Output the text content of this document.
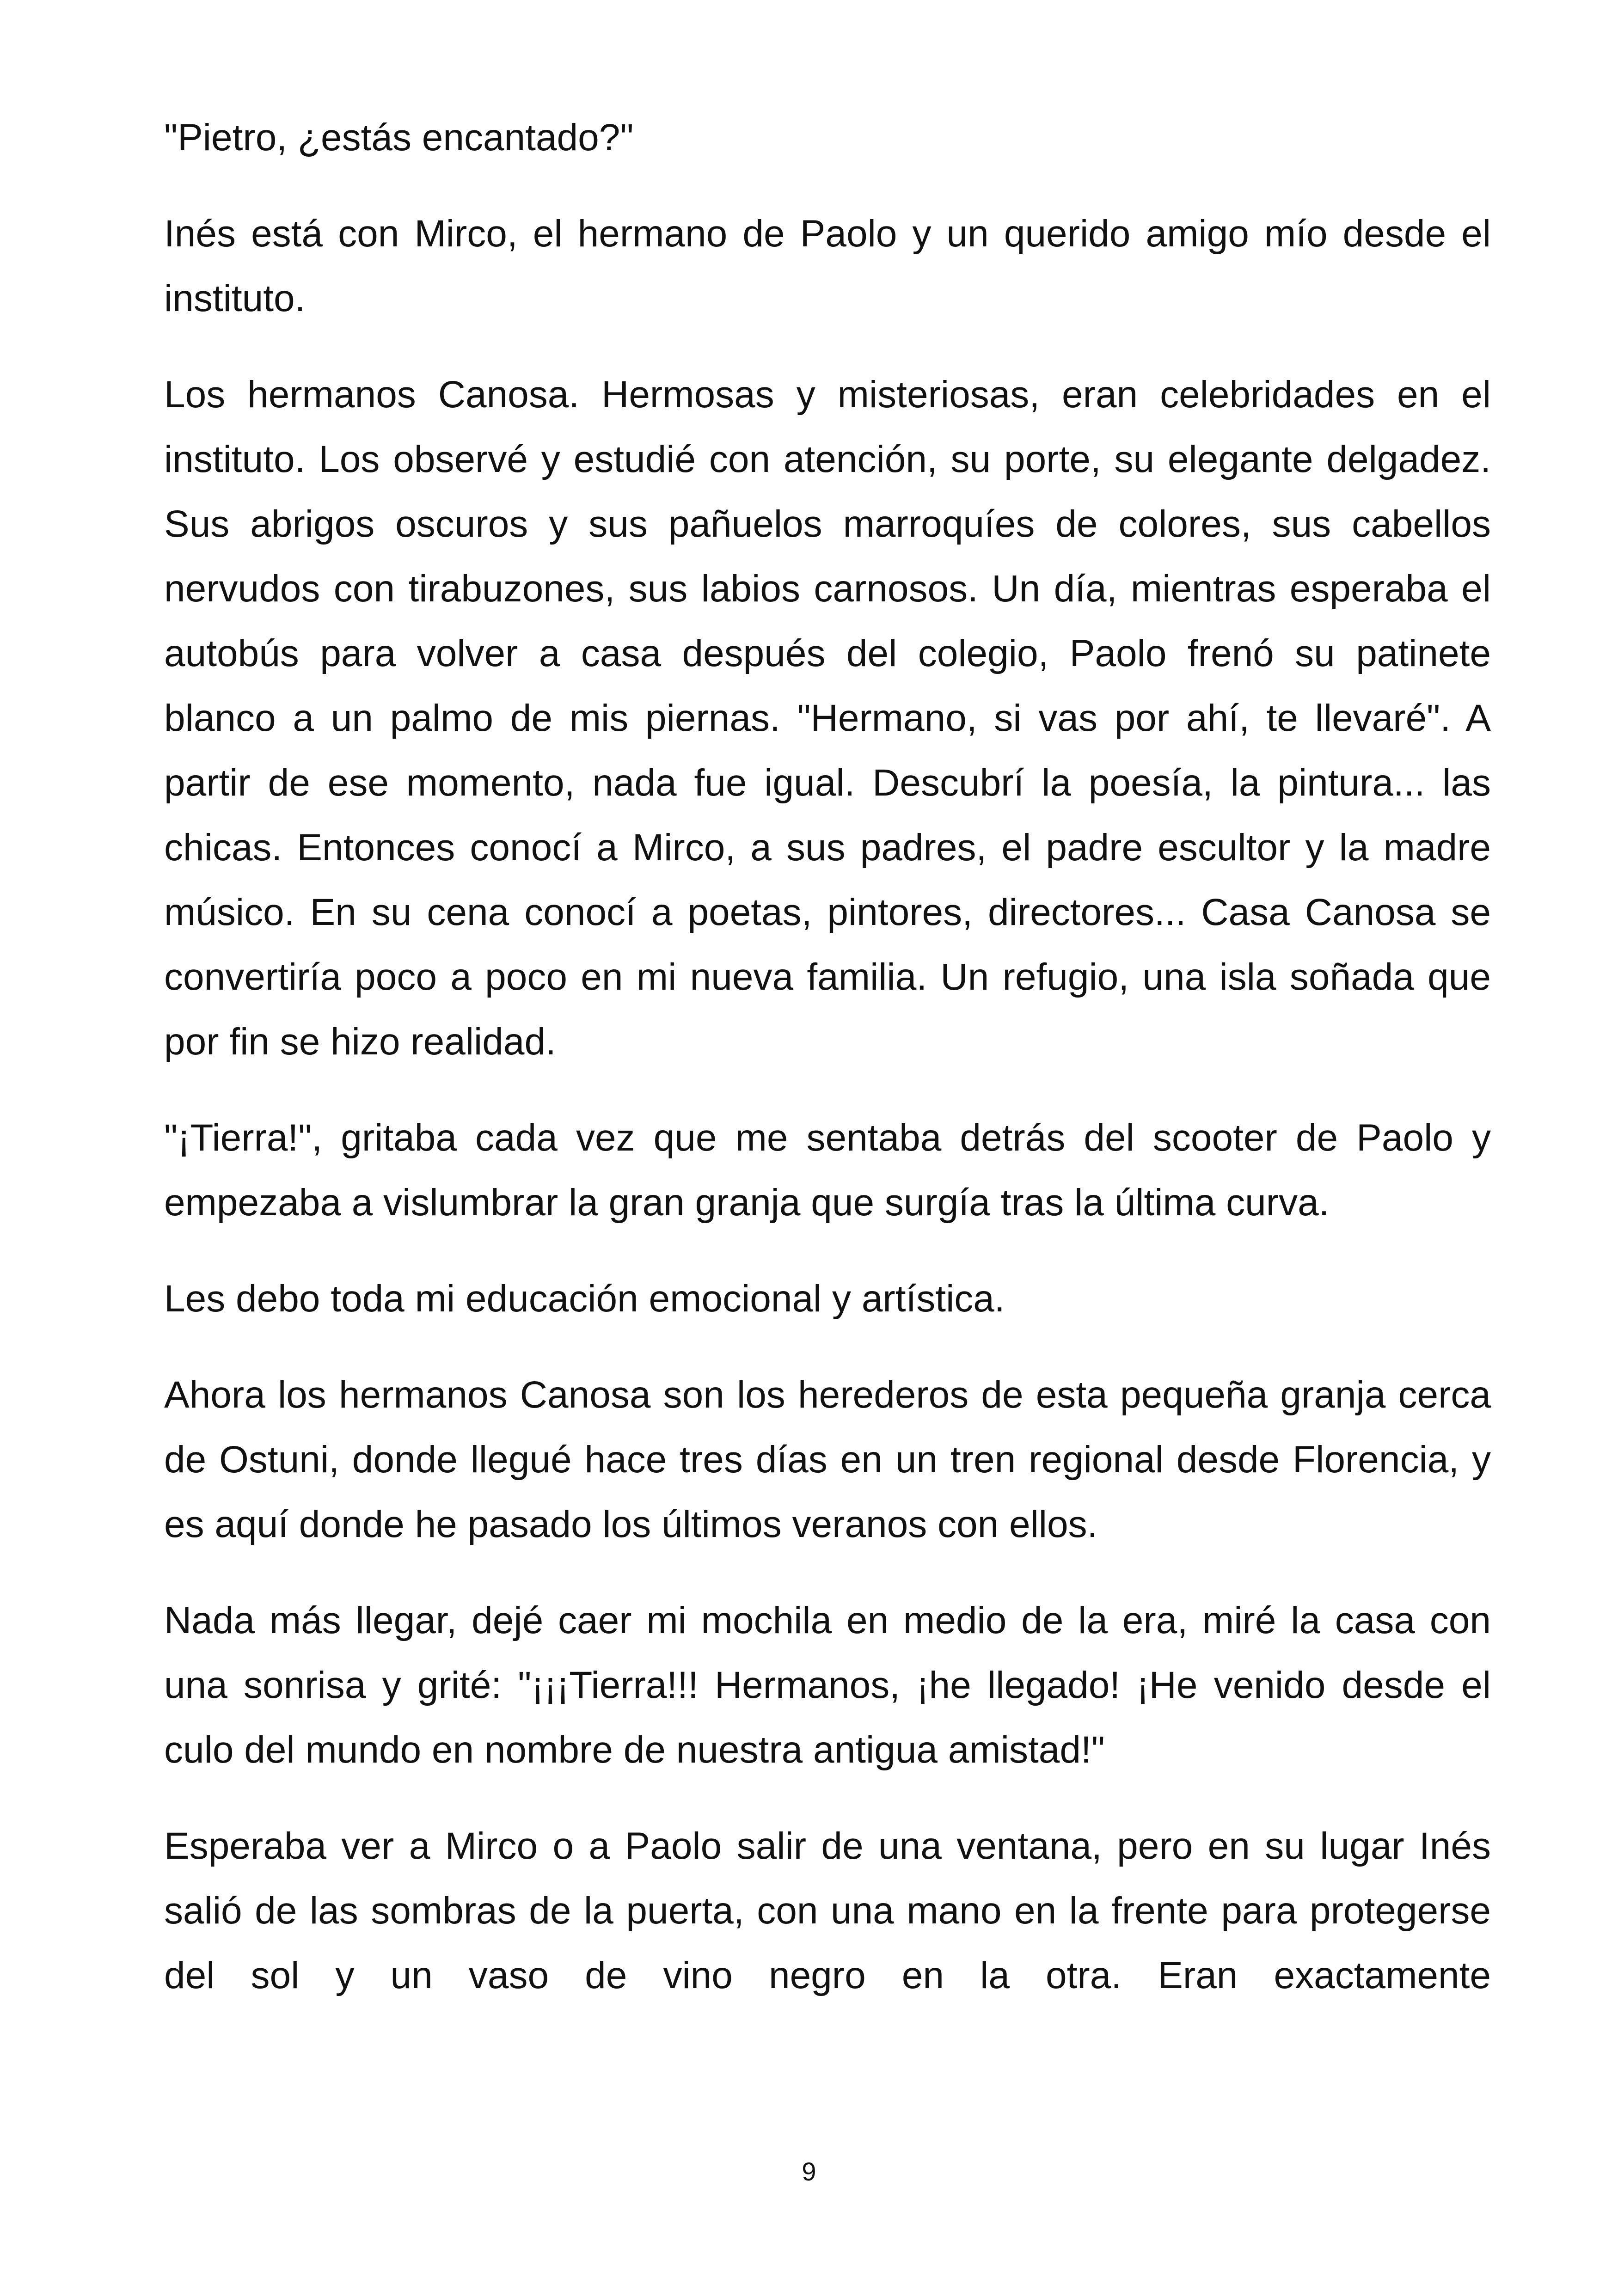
"Pietro, ¿estás encantado?"

Inés está con Mirco, el hermano de Paolo y un querido amigo mío desde el instituto.

Los hermanos Canosa. Hermosas y misteriosas, eran celebridades en el instituto. Los observé y estudié con atención, su porte, su elegante delgadez. Sus abrigos oscuros y sus pañuelos marroquíes de colores, sus cabellos nervudos con tirabuzones, sus labios carnosos. Un día, mientras esperaba el autobús para volver a casa después del colegio, Paolo frenó su patinete blanco a un palmo de mis piernas. "Hermano, si vas por ahí, te llevaré". A partir de ese momento, nada fue igual. Descubrí la poesía, la pintura... las chicas. Entonces conocí a Mirco, a sus padres, el padre escultor y la madre músico. En su cena conocí a poetas, pintores, directores... Casa Canosa se convertiría poco a poco en mi nueva familia. Un refugio, una isla soñada que por fin se hizo realidad.

"¡Tierra!", gritaba cada vez que me sentaba detrás del scooter de Paolo y empezaba a vislumbrar la gran granja que surgía tras la última curva.

Les debo toda mi educación emocional y artística.

Ahora los hermanos Canosa son los herederos de esta pequeña granja cerca de Ostuni, donde llegué hace tres días en un tren regional desde Florencia, y es aquí donde he pasado los últimos veranos con ellos.

Nada más llegar, dejé caer mi mochila en medio de la era, miré la casa con una sonrisa y grité: "¡¡¡Tierra!!! Hermanos, ¡he llegado! ¡He venido desde el culo del mundo en nombre de nuestra antigua amistad!"

Esperaba ver a Mirco o a Paolo salir de una ventana, pero en su lugar Inés salió de las sombras de la puerta, con una mano en la frente para protegerse del sol y un vaso de vino negro en la otra. Eran exactamente

9
